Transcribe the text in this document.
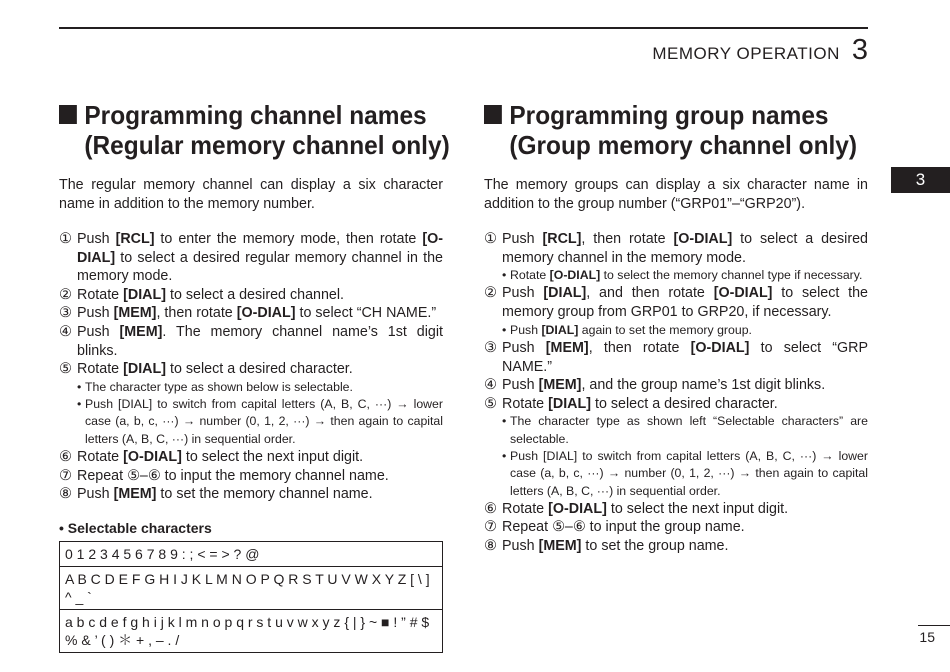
MEMORY OPERATION 3
3
Programming channel names
(Regular memory channel only)

The regular memory channel can display a six character name in addition to the memory number.

① Push [RCL] to enter the memory mode, then rotate [O-DIAL] to select a desired regular memory channel in the memory mode.
② Rotate [DIAL] to select a desired channel.
③ Push [MEM], then rotate [O-DIAL] to select “CH NAME.”
④ Push [MEM]. The memory channel name’s 1st digit blinks.
⑤ Rotate [DIAL] to select a desired character.
• The character type as shown below is selectable.
• Push [DIAL] to switch from capital letters (A, B, C, ···) → lower case (a, b, c, ···) → number (0, 1, 2, ···) → then again to capital letters (A, B, C, ···) in sequential order.
⑥ Rotate [O-DIAL] to select the next input digit.
⑦ Repeat ⑤–⑥ to input the memory channel name.
⑧ Push [MEM] to set the memory channel name.
• Selectable characters
0 1 2 3 4 5 6 7 8 9 : ; < = > ? @
A B C D E F G H I J K L M N O P Q R S T U V W X Y Z [ \ ] ^ _ `
a b c d e f g h i j k l m n o p q r s t u v w x y z { | } ~ ■ ! ” # $ % & ’ ( ) ＊ + , – . /
Programming group names
(Group memory channel only)

The memory groups can display a six character name in addition to the group number (“GRP01”–“GRP20”).

① Push [RCL], then rotate [O-DIAL] to select a desired memory channel in the memory mode.
• Rotate [O-DIAL] to select the memory channel type if necessary.
② Push [DIAL], and then rotate [O-DIAL] to select the memory group from GRP01 to GRP20, if necessary.
• Push [DIAL] again to set the memory group.
③ Push [MEM], then rotate [O-DIAL] to select “GRP NAME.”
④ Push [MEM], and the group name’s 1st digit blinks.
⑤ Rotate [DIAL] to select a desired character.
• The character type as shown left “Selectable characters” are selectable.
• Push [DIAL] to switch from capital letters (A, B, C, ···) → lower case (a, b, c, ···) → number (0, 1, 2, ···) → then again to capital letters (A, B, C, ···) in sequential order.
⑥ Rotate [O-DIAL] to select the next input digit.
⑦ Repeat ⑤–⑥ to input the group name.
⑧ Push [MEM] to set the group name.
15
